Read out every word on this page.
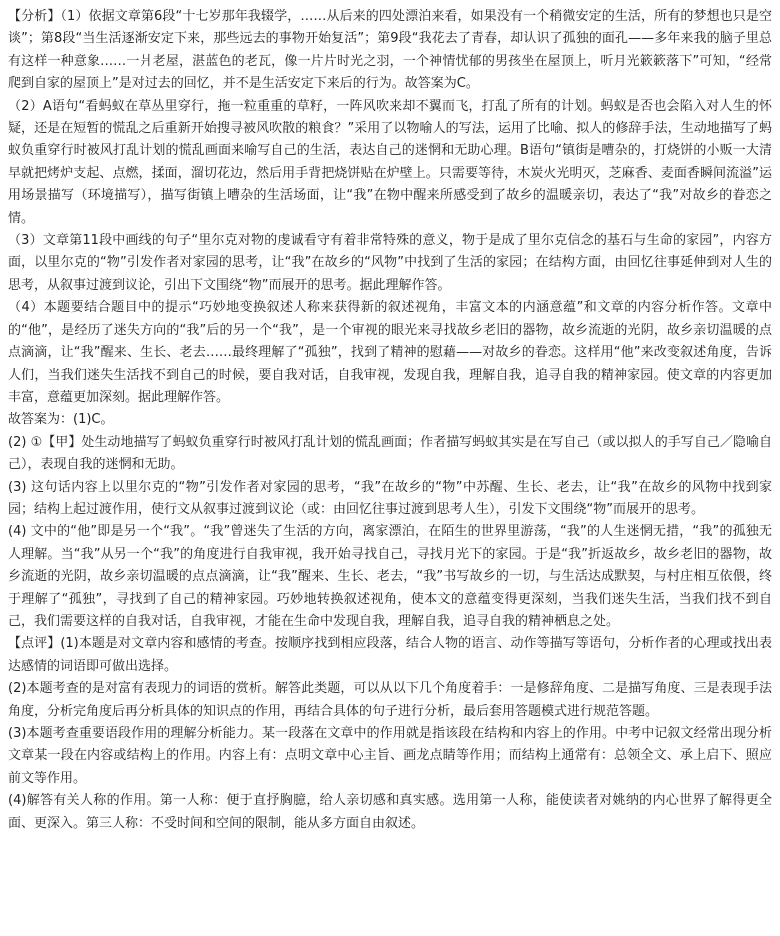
【分析】（1）依据文章第6段“十七岁那年我辍学，……从后来的四处漂泊来看，如果没有一个稍微安定的生活，所有的梦想也只是空谈”；第8段“当生活逐渐安定下来，那些远去的事物开始复活”；第9段“我花去了青春，却认识了孤独的面孔——多年来我的脑子里总有这样一种意象……一爿老屋，湛蓝色的老瓦，像一片片时光之羽，一个神情忧郁的男孩坐在屋顶上，听月光簌簌落下”可知，“经常爬到自家的屋顶上”是对过去的回忆，并不是生活安定下来后的行为。故答案为C。

（2）A语句“看蚂蚁在草丛里穿行，拖一粒重重的草籽，一阵风吹来却不翼而飞，打乱了所有的计划。蚂蚁是否也会陷入对人生的怀疑，还是在短暂的慌乱之后重新开始搜寻被风吹散的粮食？”采用了以物喻人的写法，运用了比喻、拟人的修辞手法，生动地描写了蚂蚁负重穿行时被风打乱计划的慌乱画面来喻写自己的生活，表达自己的迷惘和无助心理。B语句“镇街是嘈杂的，打烧饼的小贩一大清早就把烤炉支起、点燃，揉面，溜切花边，然后用手背把烧饼贴在炉壁上。只需要等待，木炭火光明灭，芝麻香、麦面香瞬间流溢”运用场景描写（环境描写），描写街镇上嘈杂的生活场面，让“我”在物中醒来所感受到了故乡的温暖亲切，表达了“我”对故乡的眷恋之情。

（3）文章第11段中画线的句子“里尔克对物的虔诚看守有着非常特殊的意义，物于是成了里尔克信念的基石与生命的家园”，内容方面，以里尔克的“物”引发作者对家园的思考，让“我”在故乡的“风物”中找到了生活的家园；在结构方面，由回忆往事延伸到对人生的思考，从叙事过渡到议论，引出下文围绕“物”而展开的思考。据此理解作答。

（4）本题要结合题目中的提示“巧妙地变换叙述人称来获得新的叙述视角，丰富文本的内涵意蕴”和文章的内容分析作答。文章中的“他”，是经历了迷失方向的“我”后的另一个“我”，是一个审视的眼光来寻找故乡老旧的器物，故乡流逝的光阴，故乡亲切温暖的点点滴滴，让“我”醒来、生长、老去……最终理解了“孤独”，找到了精神的慰藉——对故乡的眷恋。这样用“他”来改变叙述角度，告诉人们，当我们迷失生活找不到自己的时候，要自我对话，自我审视，发现自我，理解自我，追寻自我的精神家园。使文章的内容更加丰富，意蕴更加深刻。据此理解作答。

故答案为：(1)C。

(2) ①【甲】处生动地描写了蚂蚁负重穿行时被风打乱计划的慌乱画面；作者描写蚂蚁其实是在写自己（或以拟人的手写自己／隐喻自己），表现自我的迷惘和无助。

(3) 这句话内容上以里尔克的“物”引发作者对家园的思考，“我”在故乡的“物”中苏醒、生长、老去，让“我”在故乡的风物中找到家园；结构上起过渡作用，使行文从叙事过渡到议论（或：由回忆往事过渡到思考人生），引发下文围绕“物”而展开的思考。

(4) 文中的“他”即是另一个“我”。“我”曾迷失了生活的方向，离家漂泊，在陌生的世界里游荡，“我”的人生迷惘无措，“我”的孤独无人理解。当“我”从另一个“我”的角度进行自我审视，我开始寻找自己，寻找月光下的家园。于是“我”折返故乡，故乡老旧的器物，故乡流逝的光阴，故乡亲切温暖的点点滴滴，让“我”醒来、生长、老去，“我”书写故乡的一切，与生活达成默契，与村庄相互依偎，终于理解了“孤独”，寻找到了自己的精神家园。巧妙地转换叙述视角，使本文的意蕴变得更深刻，当我们迷失生活，当我们找不到自己，我们需要这样的自我对话，自我审视，才能在生命中发现自我，理解自我，追寻自我的精神栖息之处。

【点评】(1)本题是对文章内容和感情的考查。按顺序找到相应段落，结合人物的语言、动作等描写等语句，分析作者的心理或找出表达感情的词语即可做出选择。

(2)本题考查的是对富有表现力的词语的赏析。解答此类题，可以从以下几个角度着手：一是修辞角度、二是描写角度、三是表现手法角度，分析完角度后再分析具体的知识点的作用，再结合具体的句子进行分析，最后套用答题模式进行规范答题。

(3)本题考查重要语段作用的理解分析能力。某一段落在文章中的作用就是指该段在结构和内容上的作用。中考中记叙文经常出现分析文章某一段在内容或结构上的作用。内容上有：点明文章中心主旨、画龙点睛等作用；而结构上通常有：总领全文、承上启下、照应前文等作用。

(4)解答有关人称的作用。第一人称：便于直抒胸臆，给人亲切感和真实感。选用第一人称，能使读者对姚纳的内心世界了解得更全面、更深入。第三人称：不受时间和空间的限制，能从多方面自由叙述。
